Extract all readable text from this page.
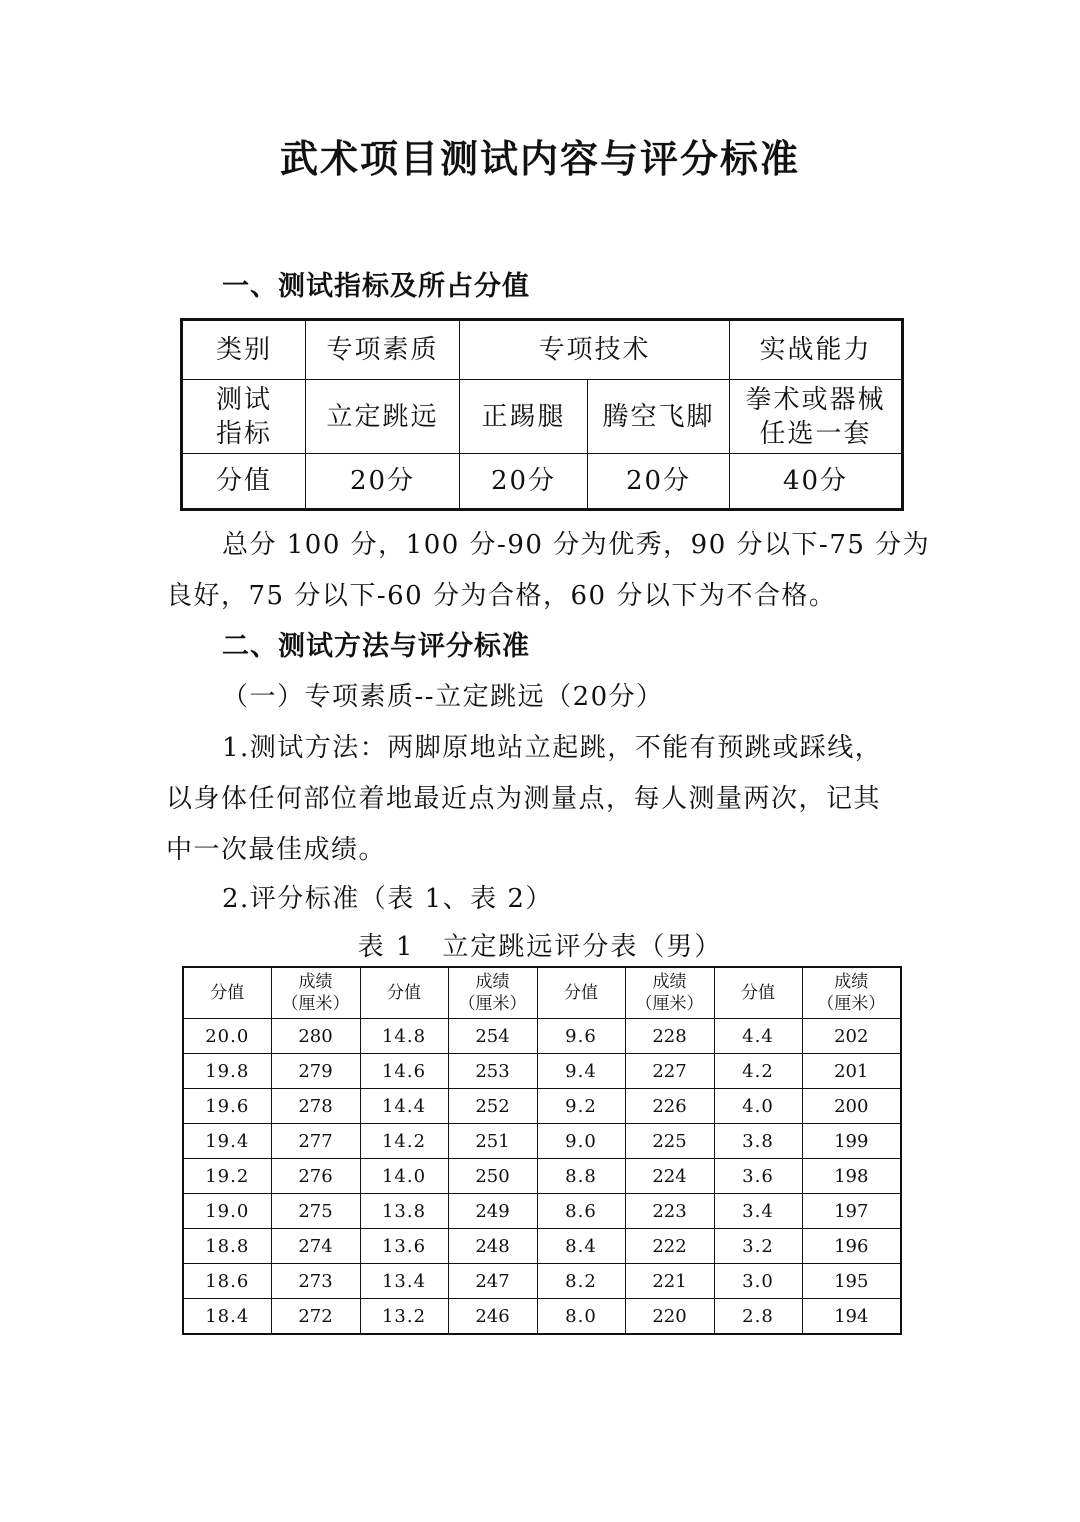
武术项目测试内容与评分标准
一、测试指标及所占分值
类别	专项素质	专项技术		实战能力

测试
指标	立定跳远	正踢腿	腾空飞脚	拳术或器械
任选一套

分值	20分	20分	20分	40分

总分 100 分，100 分-90 分为优秀，90 分以下-75 分为

良好，75 分以下-60 分为合格，60 分以下为不合格。

二、测试方法与评分标准

（一）专项素质--立定跳远（20分）

1.测试方法：两脚原地站立起跳，不能有预跳或踩线，

以身体任何部位着地最近点为测量点，每人测量两次，记其

中一次最佳成绩。

2.评分标准（表 1、表 2）

表 1　立定跳远评分表（男）

分值	成绩
（厘米）	分值	成绩
（厘米）	分值	成绩
（厘米）	分值	成绩
（厘米）

20.0	280	14.8	254	9.6	228	4.4	202
19.8	279	14.6	253	9.4	227	4.2	201
19.6	278	14.4	252	9.2	226	4.0	200
19.4	277	14.2	251	9.0	225	3.8	199
19.2	276	14.0	250	8.8	224	3.6	198
19.0	275	13.8	249	8.6	223	3.4	197
18.8	274	13.6	248	8.4	222	3.2	196
18.6	273	13.4	247	8.2	221	3.0	195
18.4	272	13.2	246	8.0	220	2.8	194
